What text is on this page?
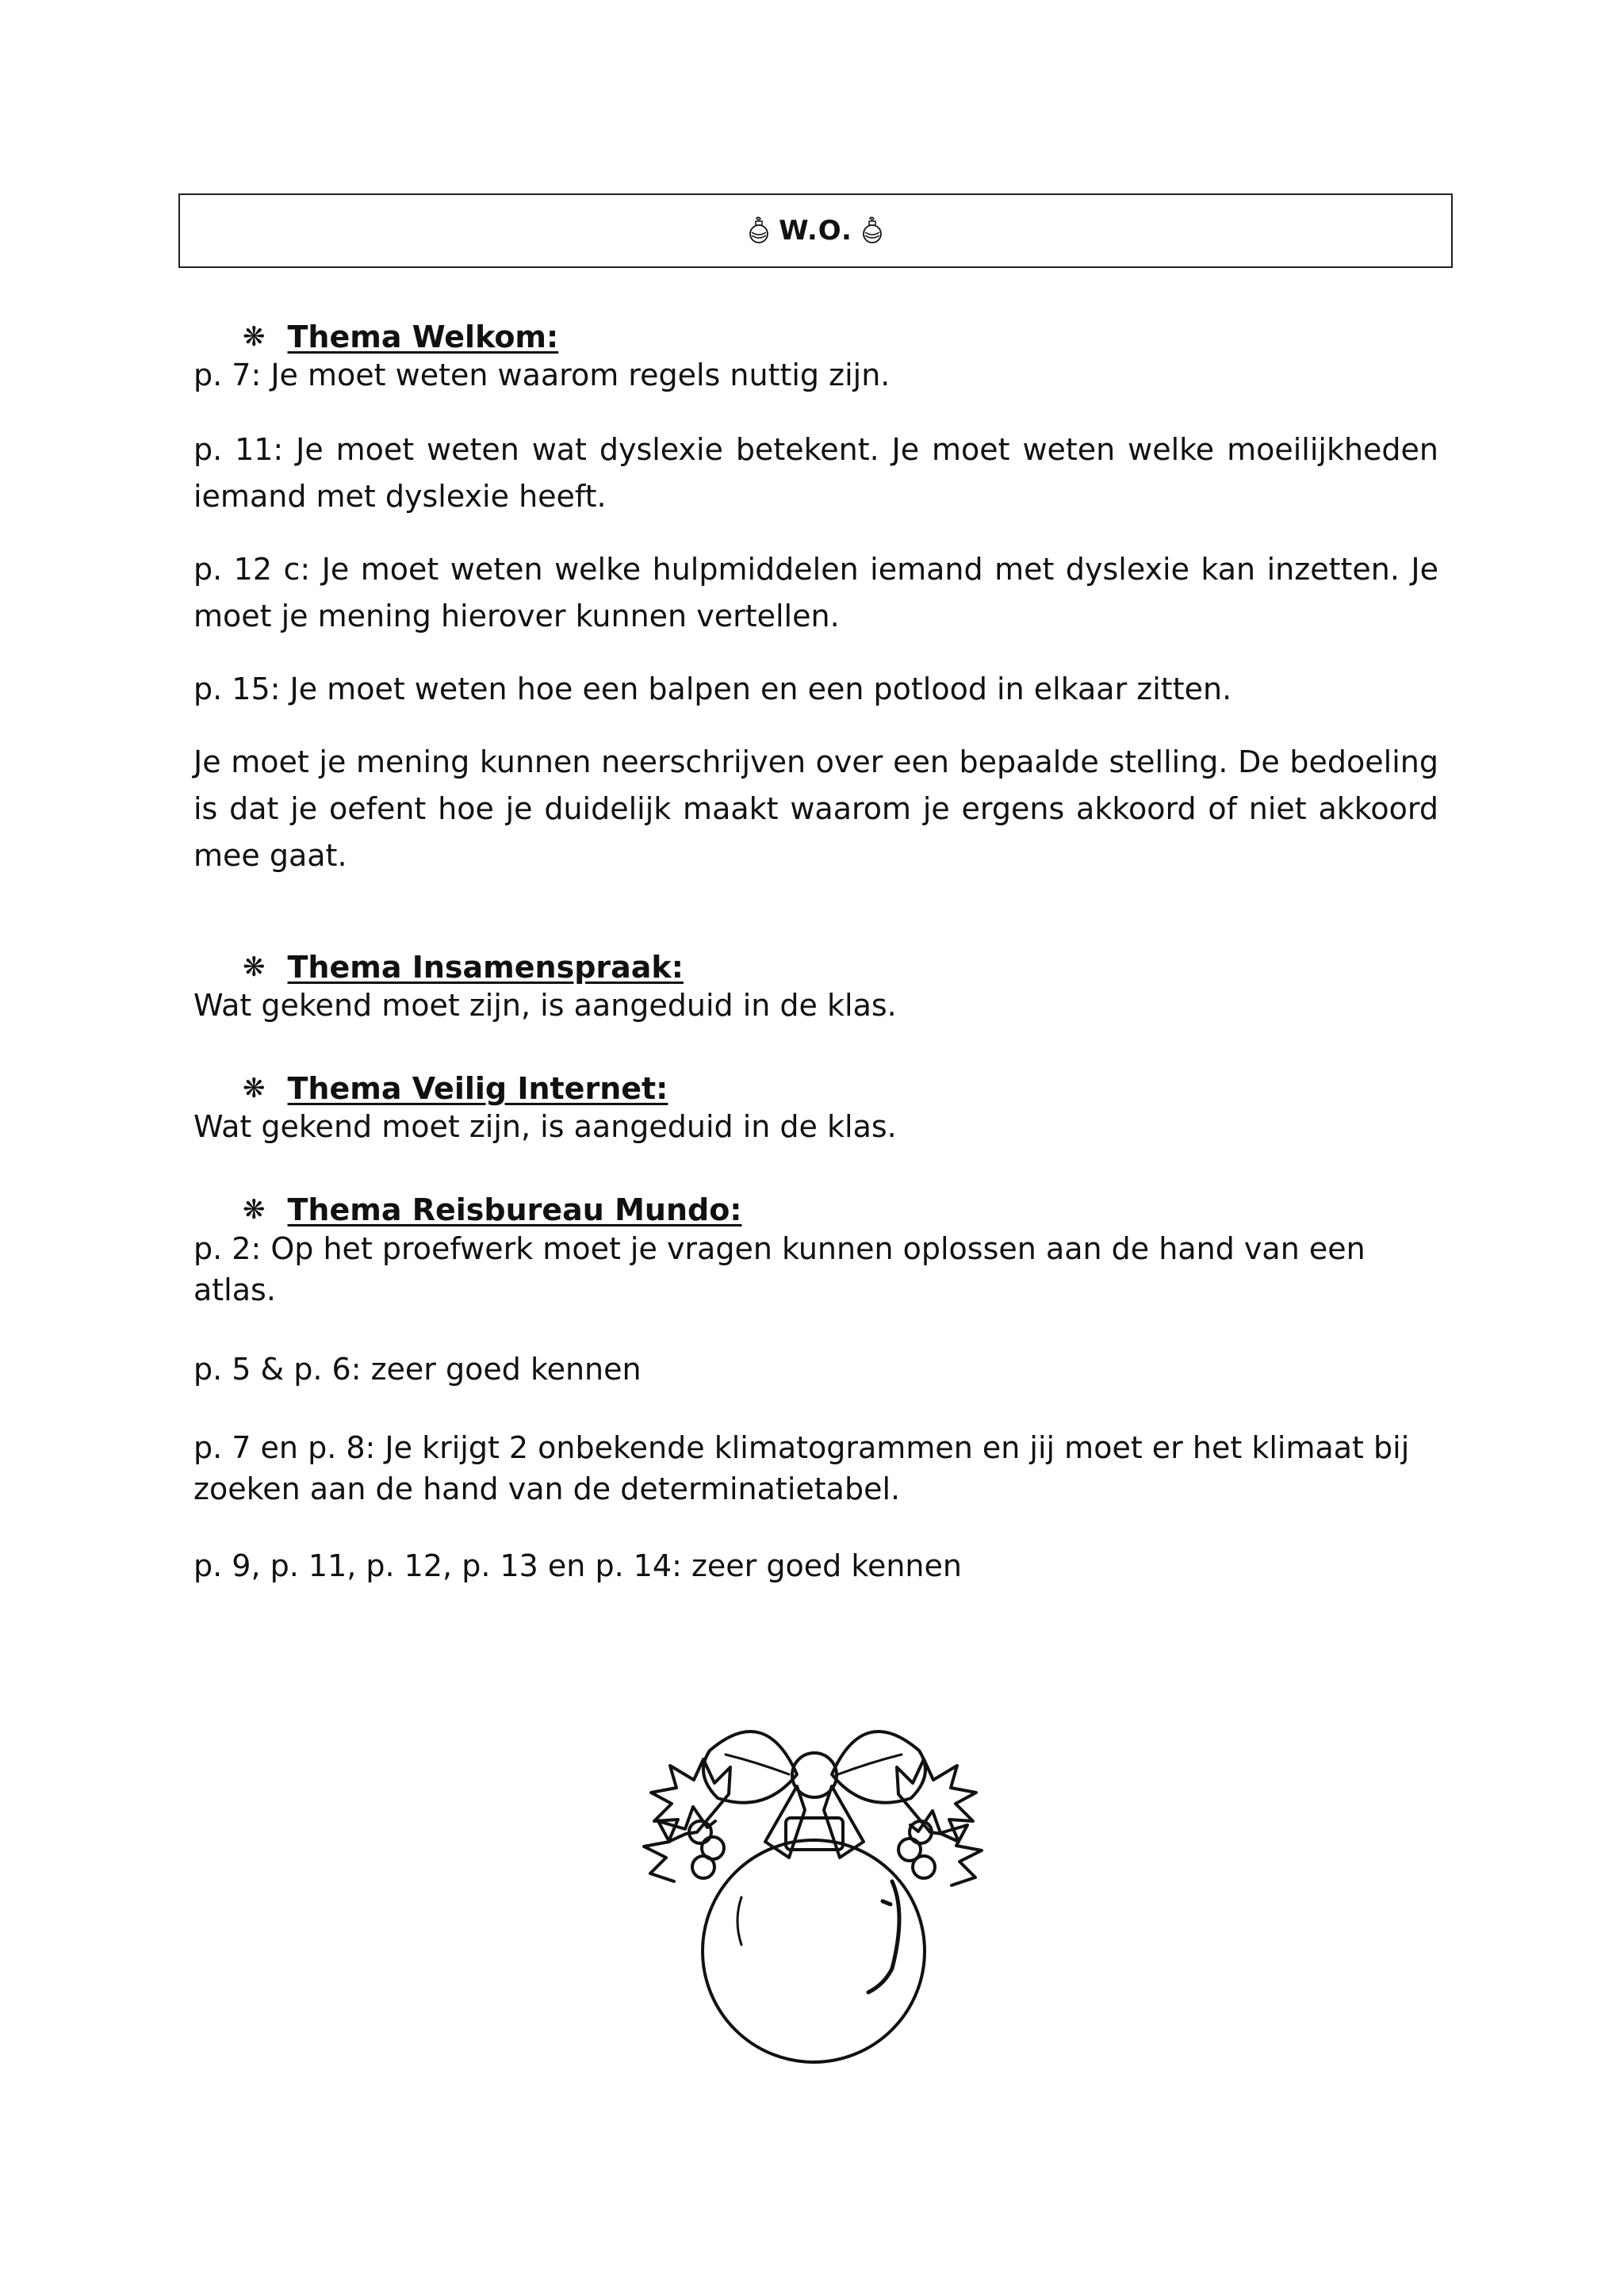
W.O.
❋ Thema Welkom:

p. 7: Je moet weten waarom regels nuttig zijn.

p. 11: Je moet weten wat dyslexie betekent. Je moet weten welke moeilijkheden iemand met dyslexie heeft.

p. 12 c: Je moet weten welke hulpmiddelen iemand met dyslexie kan inzetten. Je moet je mening hierover kunnen vertellen.

p. 15: Je moet weten hoe een balpen en een potlood in elkaar zitten.

Je moet je mening kunnen neerschrijven over een bepaalde stelling. De bedoeling is dat je oefent hoe je duidelijk maakt waarom je ergens akkoord of niet akkoord mee gaat.

❋ Thema Insamenspraak:

Wat gekend moet zijn, is aangeduid in de klas.

❋ Thema Veilig Internet:

Wat gekend moet zijn, is aangeduid in de klas.

❋ Thema Reisbureau Mundo:

p. 2: Op het proefwerk moet je vragen kunnen oplossen aan de hand van een atlas.

p. 5 & p. 6: zeer goed kennen

p. 7 en p. 8: Je krijgt 2 onbekende klimatogrammen en jij moet er het klimaat bij zoeken aan de hand van de determinatietabel.

p. 9, p. 11, p. 12, p. 13 en p. 14: zeer goed kennen
